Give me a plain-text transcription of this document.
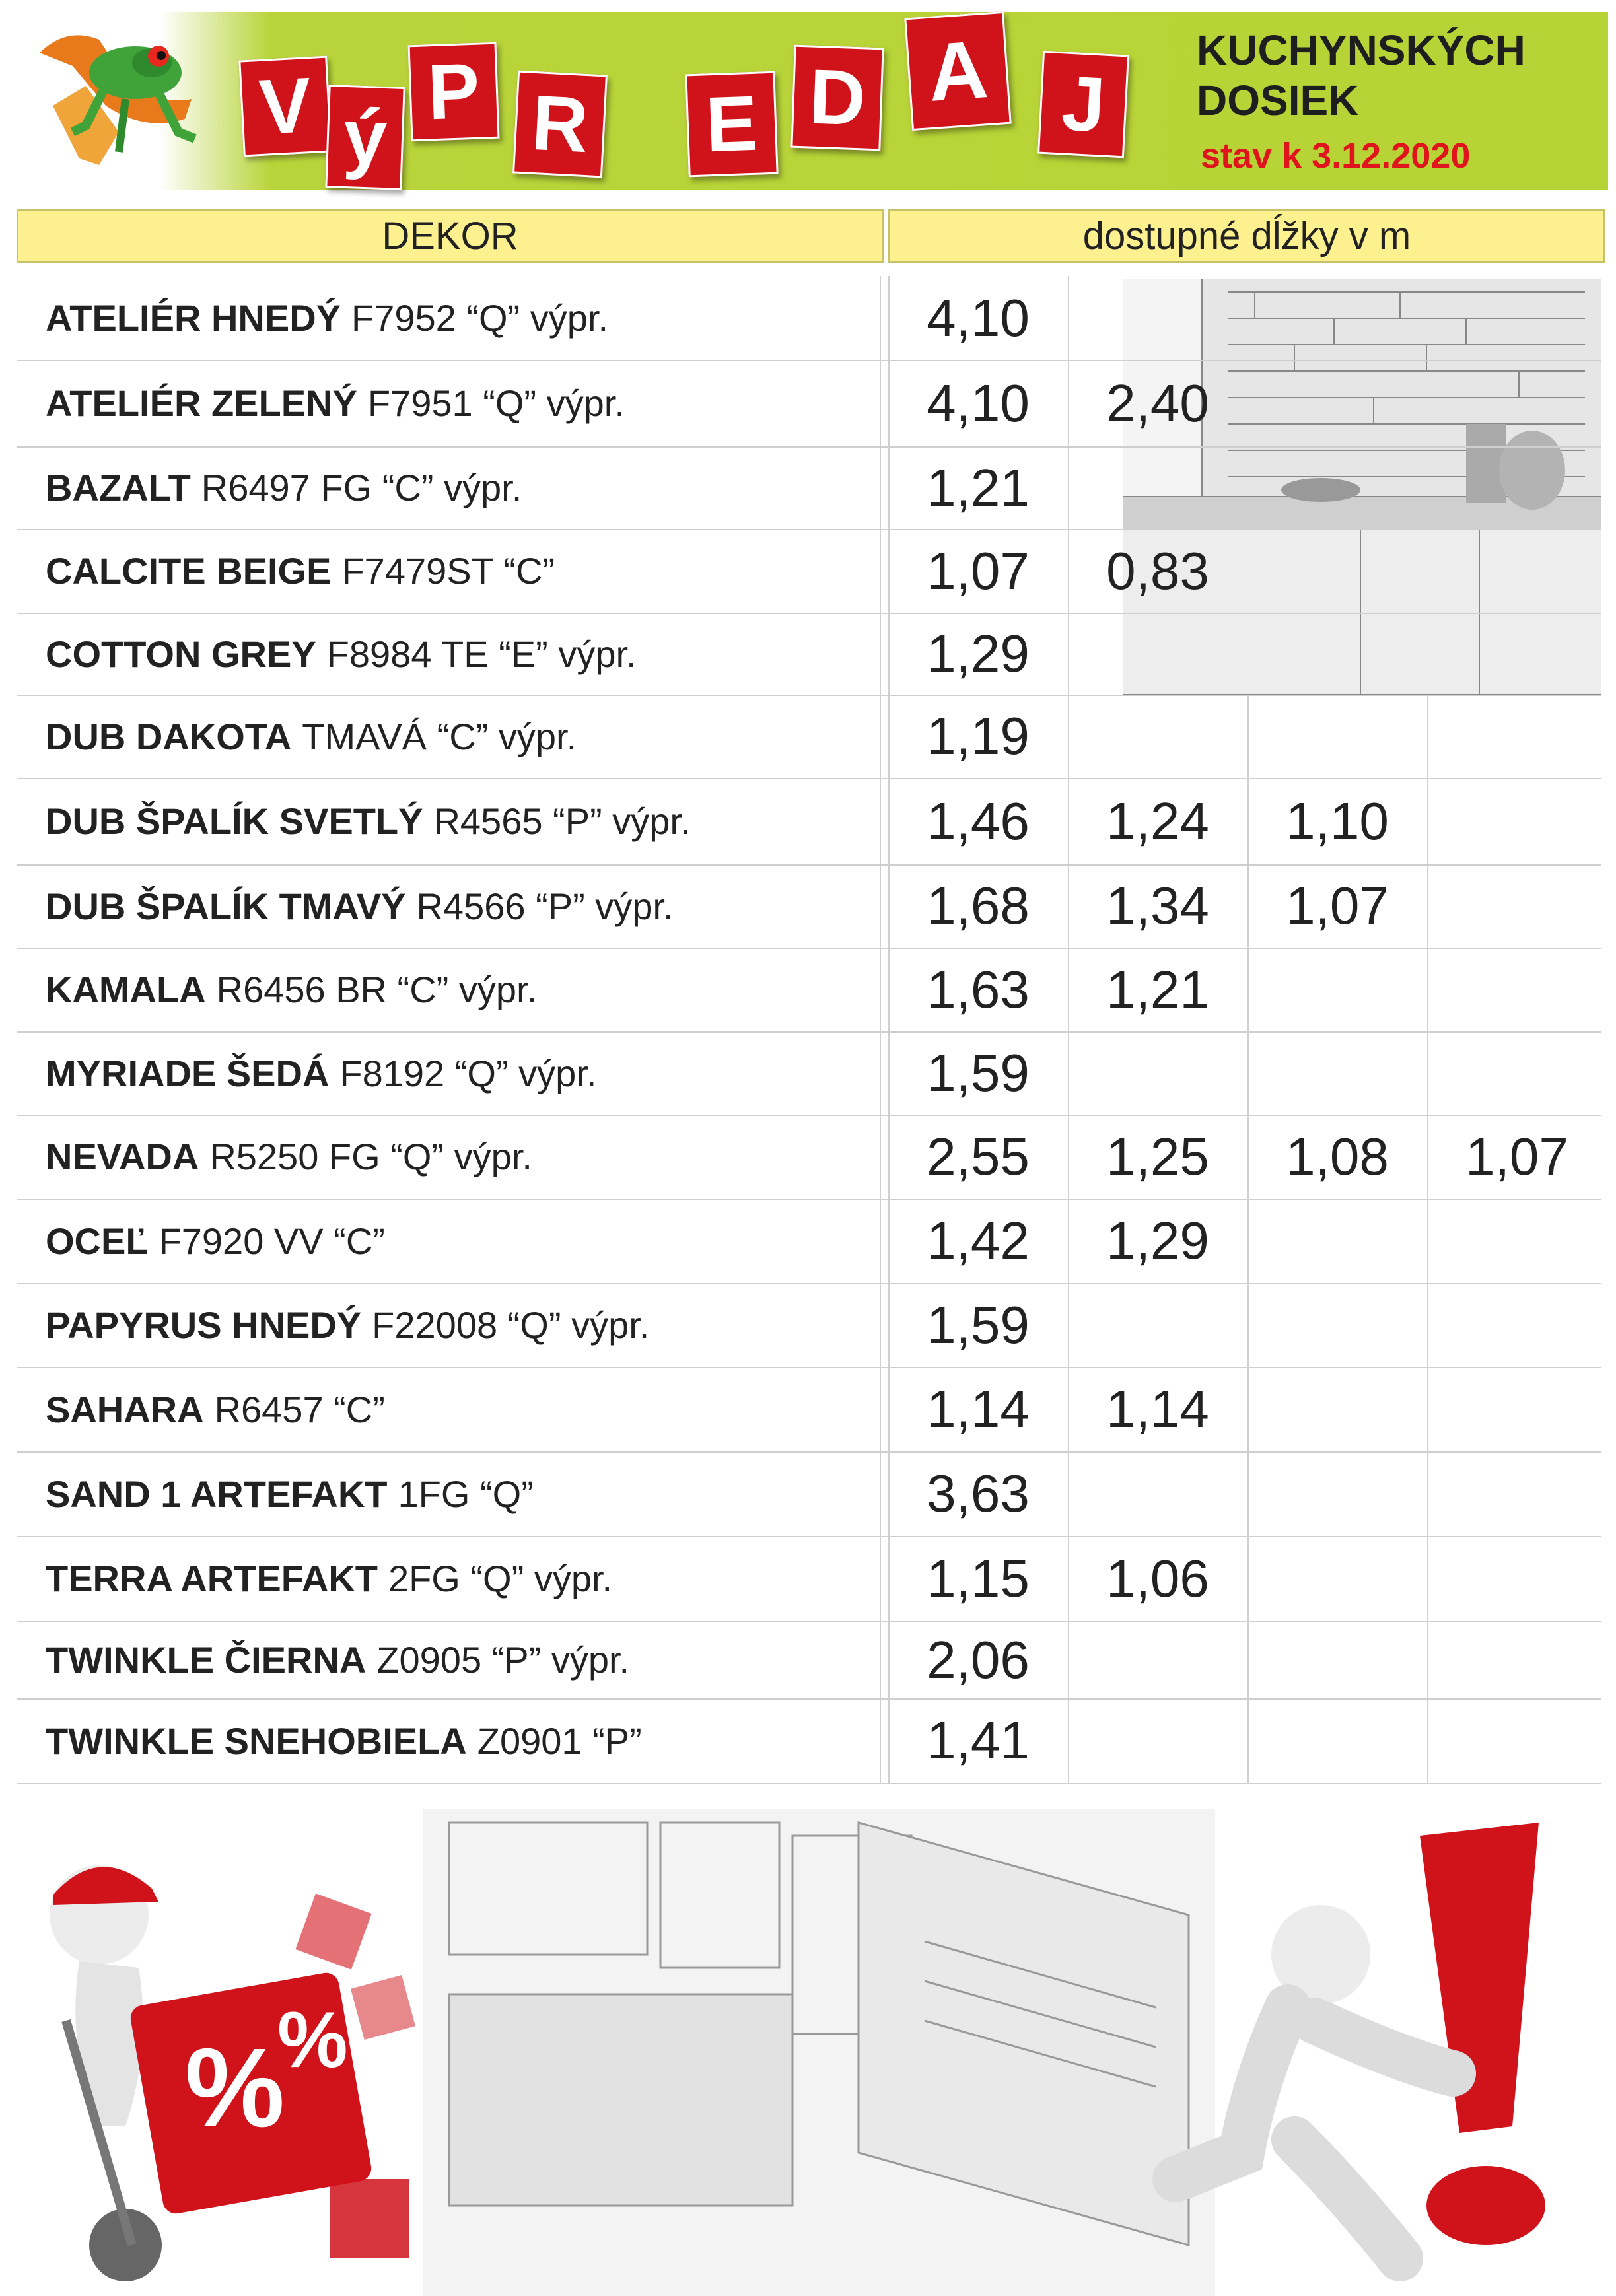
V ý
P R E D A J
KUCHYNSKÝCH
DOSIEK
stav k 3.12.2020
DEKOR	dostupné dĺžky v m
ATELIÉR HNEDÝ F7952 “Q” výpr.	4,10
ATELIÉR ZELENÝ F7951 “Q” výpr.	4,10	2,40
BAZALT R6497 FG “C” výpr.	1,21
CALCITE BEIGE F7479ST “C”	1,07	0,83
COTTON GREY F8984 TE “E” výpr.	1,29
DUB DAKOTA TMAVÁ “C” výpr.	1,19
DUB ŠPALÍK SVETLÝ R4565 “P” výpr.	1,46	1,24	1,10
DUB ŠPALÍK TMAVÝ R4566 “P” výpr.	1,68	1,34	1,07
KAMALA R6456 BR “C” výpr.	1,63	1,21
MYRIADE ŠEDÁ F8192 “Q” výpr.	1,59
NEVADA R5250 FG “Q” výpr.	2,55	1,25	1,08	1,07
OCEĽ F7920 VV “C”	1,42	1,29
PAPYRUS HNEDÝ F22008 “Q” výpr.	1,59
SAHARA R6457 “C”	1,14	1,14
SAND 1 ARTEFAKT 1FG “Q”	3,63
TERRA ARTEFAKT 2FG “Q” výpr.	1,15	1,06
TWINKLE ČIERNA Z0905 “P” výpr.	2,06
TWINKLE SNEHOBIELA Z0901 “P”	1,41
%
%
